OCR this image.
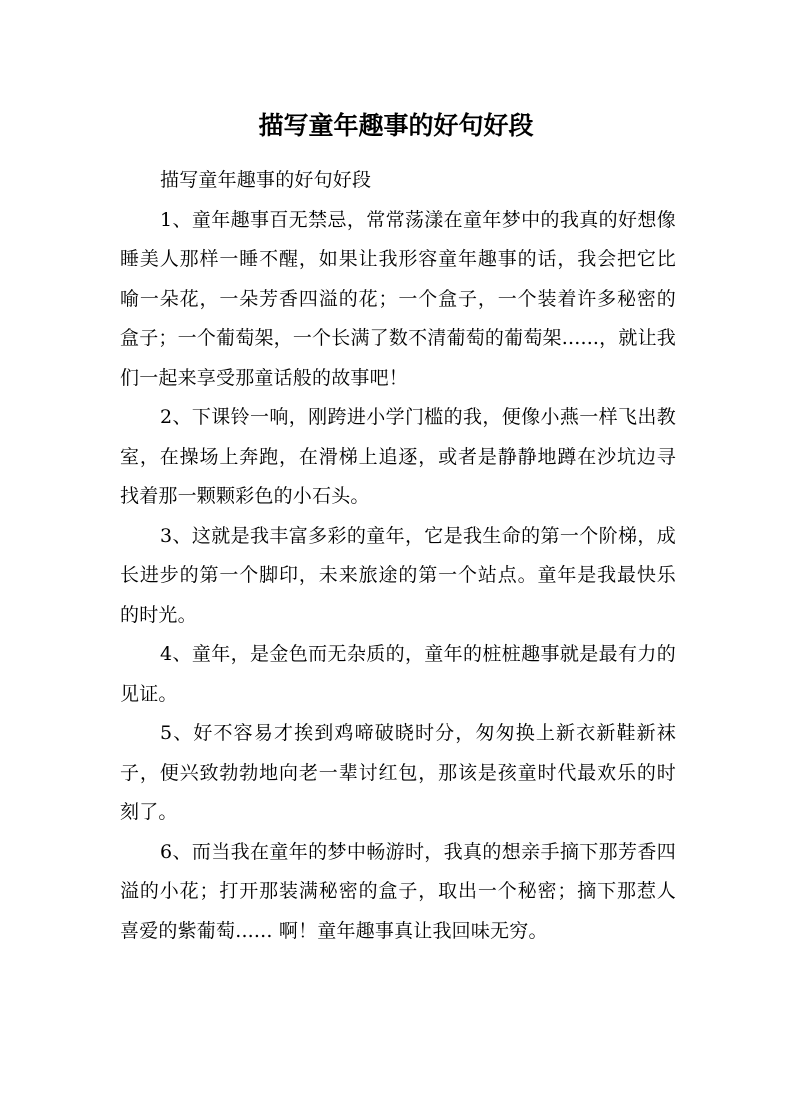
描写童年趣事的好句好段

描写童年趣事的好句好段

1、童年趣事百无禁忌，常常荡漾在童年梦中的我真的好想像睡美人那样一睡不醒，如果让我形容童年趣事的话，我会把它比喻一朵花，一朵芳香四溢的花；一个盒子，一个装着许多秘密的盒子；一个葡萄架，一个长满了数不清葡萄的葡萄架......，就让我们一起来享受那童话般的故事吧！

2、下课铃一响，刚跨进小学门槛的我，便像小燕一样飞出教室，在操场上奔跑，在滑梯上追逐，或者是静静地蹲在沙坑边寻找着那一颗颗彩色的小石头。

3、这就是我丰富多彩的童年，它是我生命的第一个阶梯，成长进步的第一个脚印，未来旅途的第一个站点。童年是我最快乐的时光。

4、童年，是金色而无杂质的，童年的桩桩趣事就是最有力的见证。

5、好不容易才挨到鸡啼破晓时分，匆匆换上新衣新鞋新袜子，便兴致勃勃地向老一辈讨红包，那该是孩童时代最欢乐的时刻了。

6、而当我在童年的梦中畅游时，我真的想亲手摘下那芳香四溢的小花；打开那装满秘密的盒子，取出一个秘密；摘下那惹人喜爱的紫葡萄...... 啊！童年趣事真让我回味无穷。
